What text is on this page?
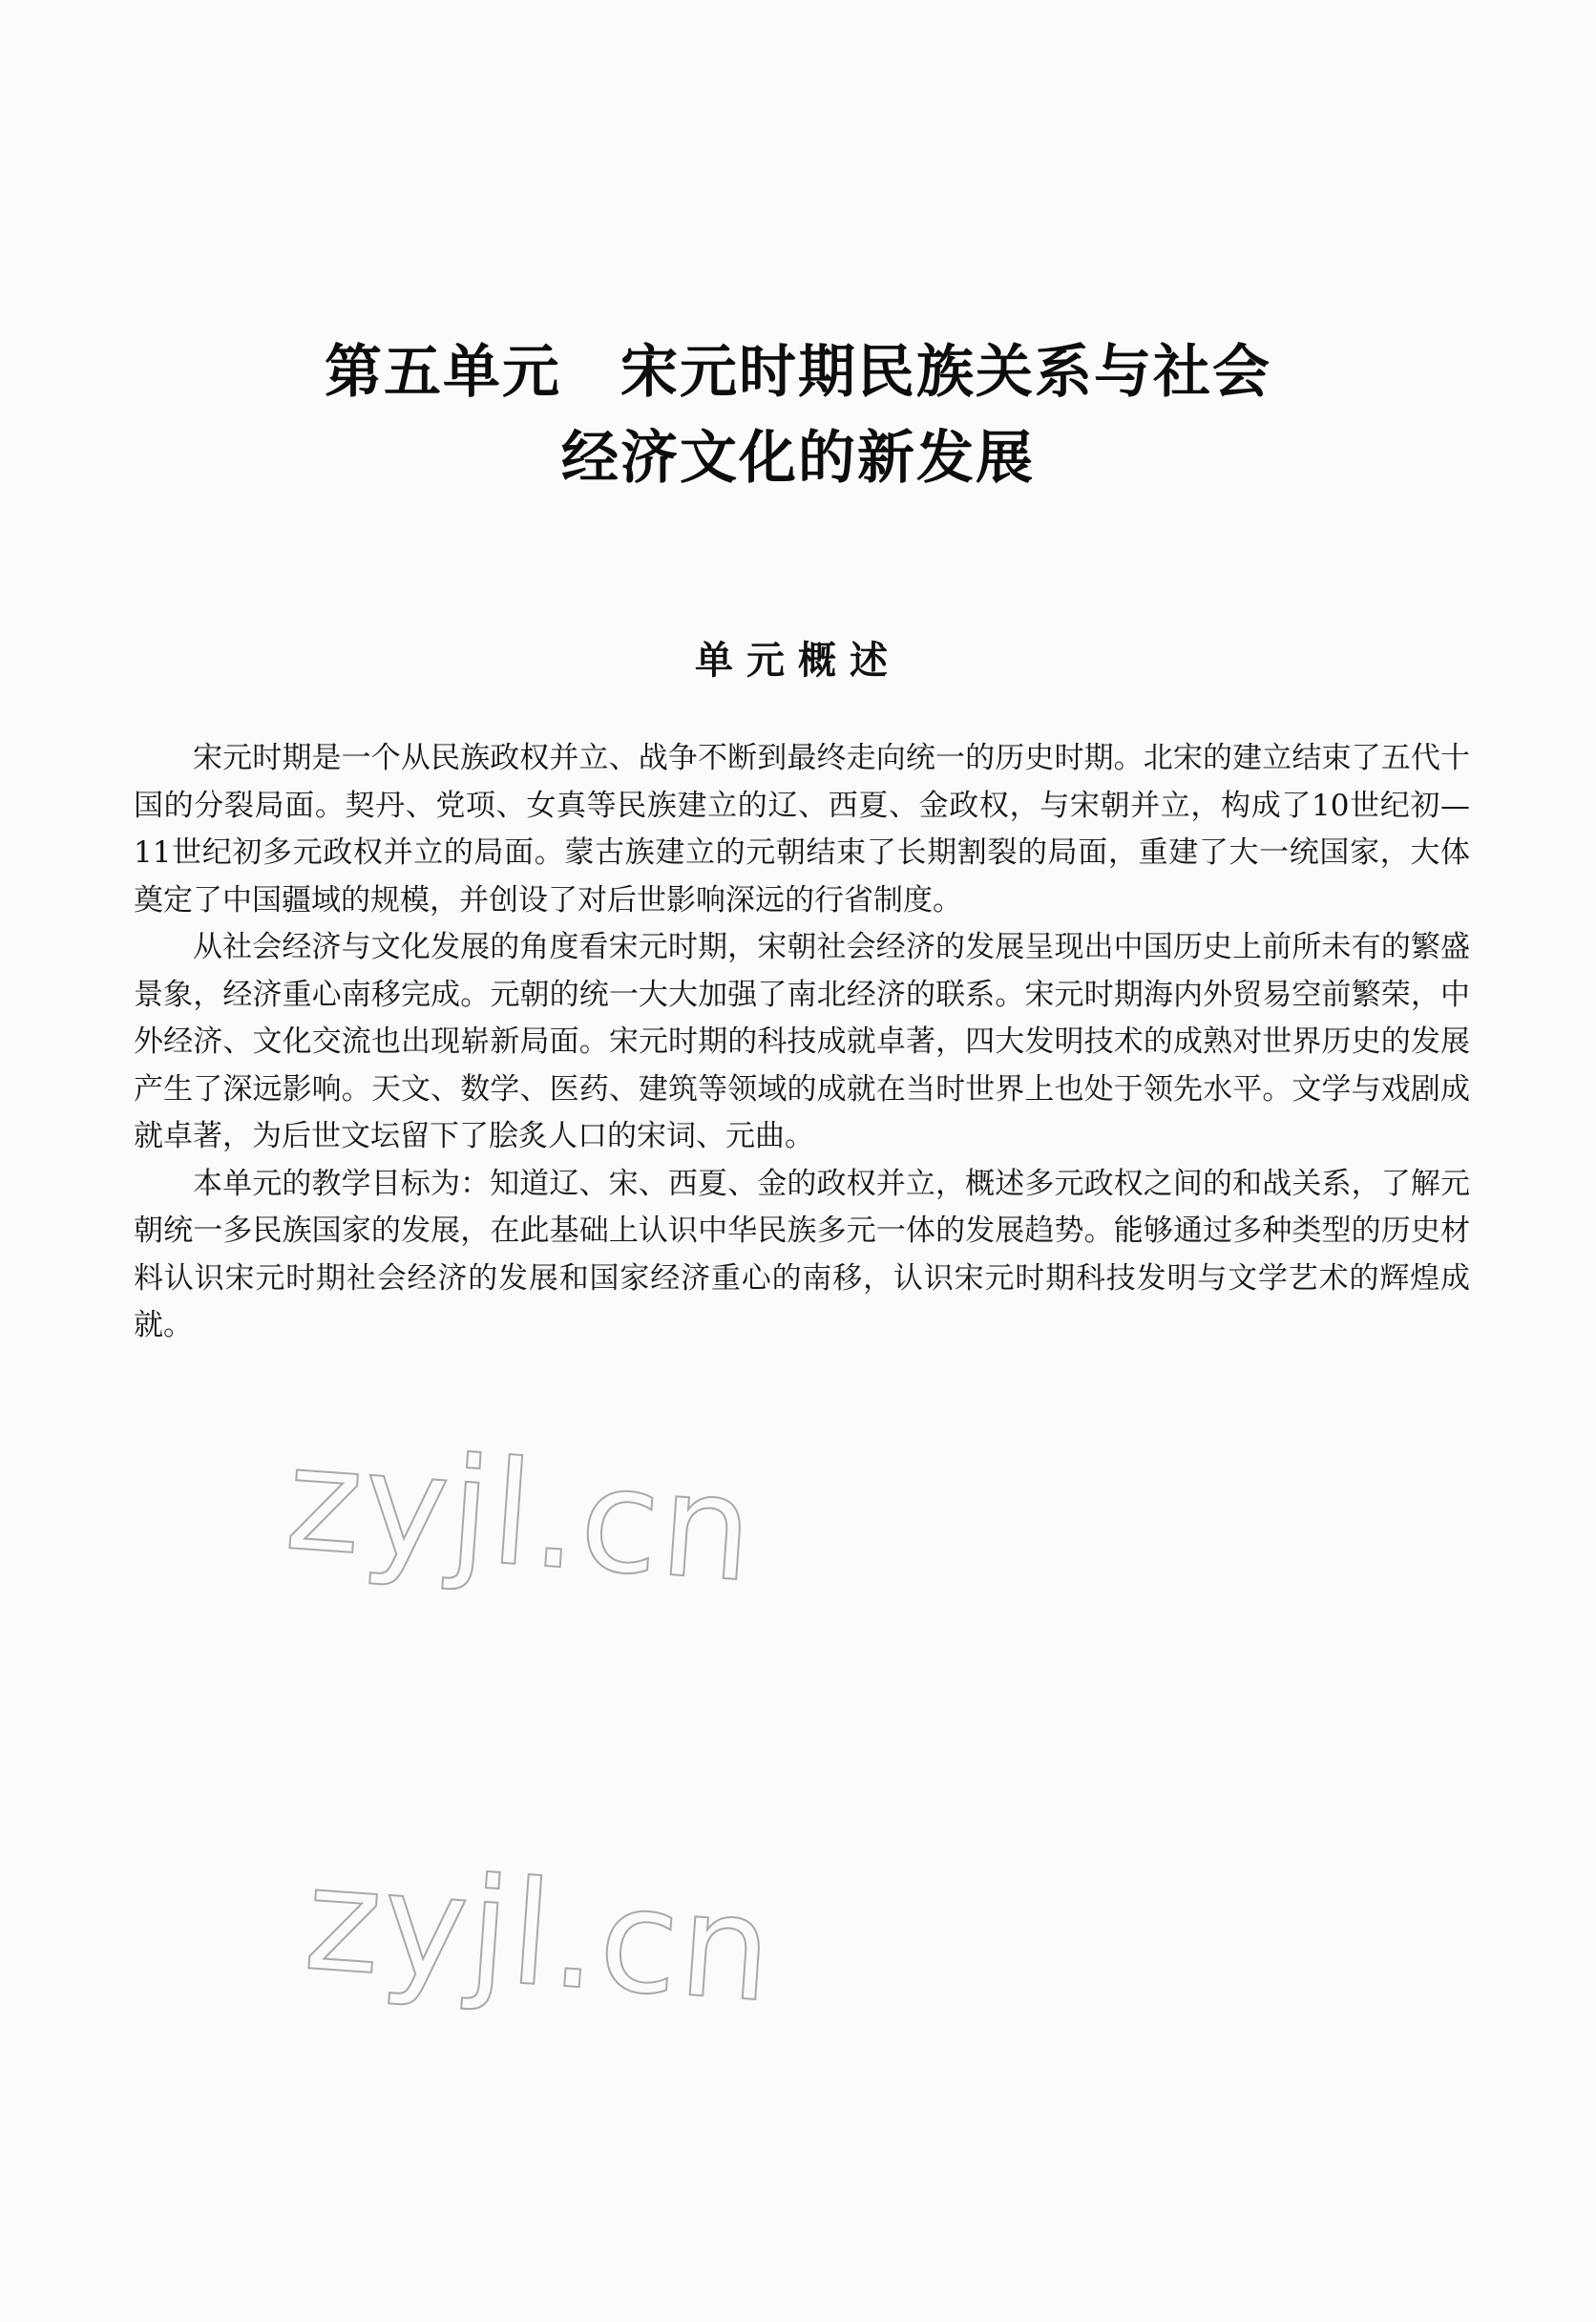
第五单元　宋元时期民族关系与社会
经济文化的新发展
单元概述

宋元时期是一个从民族政权并立、战争不断到最终走向统一的历史时期。北宋的建立结束了五代十国的分裂局面。契丹、党项、女真等民族建立的辽、西夏、金政权，与宋朝并立，构成了10世纪初—11世纪初多元政权并立的局面。蒙古族建立的元朝结束了长期割裂的局面，重建了大一统国家，大体奠定了中国疆域的规模，并创设了对后世影响深远的行省制度。

从社会经济与文化发展的角度看宋元时期，宋朝社会经济的发展呈现出中国历史上前所未有的繁盛景象，经济重心南移完成。元朝的统一大大加强了南北经济的联系。宋元时期海内外贸易空前繁荣，中外经济、文化交流也出现崭新局面。宋元时期的科技成就卓著，四大发明技术的成熟对世界历史的发展产生了深远影响。天文、数学、医药、建筑等领域的成就在当时世界上也处于领先水平。文学与戏剧成就卓著，为后世文坛留下了脍炙人口的宋词、元曲。

本单元的教学目标为：知道辽、宋、西夏、金的政权并立，概述多元政权之间的和战关系，了解元朝统一多民族国家的发展，在此基础上认识中华民族多元一体的发展趋势。能够通过多种类型的历史材料认识宋元时期社会经济的发展和国家经济重心的南移，认识宋元时期科技发明与文学艺术的辉煌成就。

zyjl.cn
zyjl.cn
